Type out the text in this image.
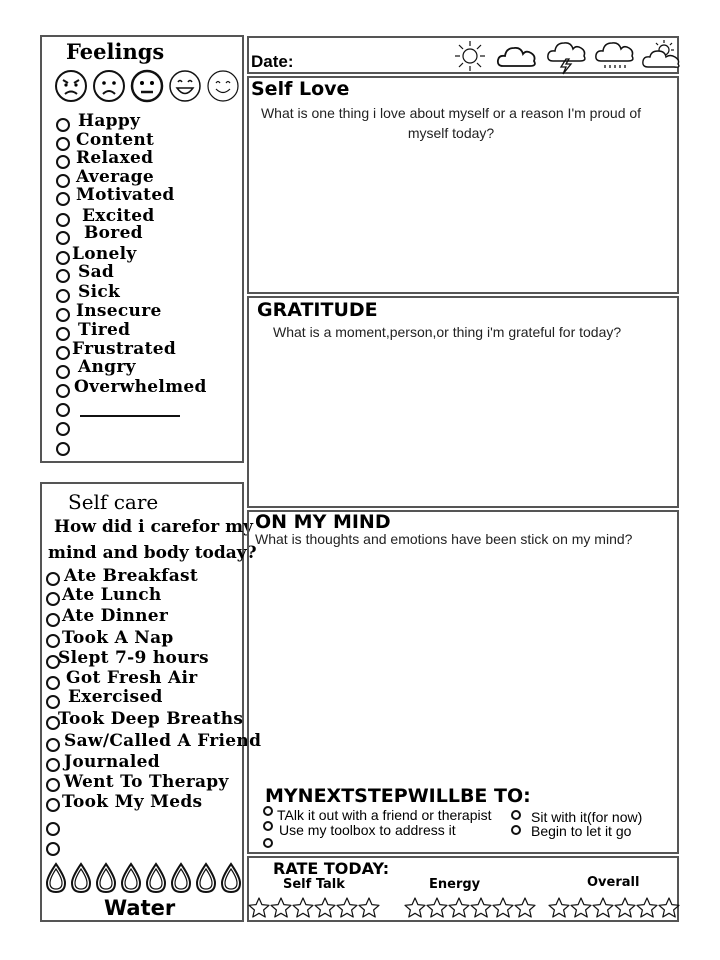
Feelings
Happy
Content
Relaxed
Average
Motivated
Excited
Bored
Lonely
Sad
Sick
Insecure
Tired
Frustrated
Angry
Overwhelmed
Self care
How did i carefor my
mind and body today?
Ate Breakfast
Ate Lunch
Ate Dinner
Took A Nap
Slept 7-9 hours
Got Fresh Air
Exercised
Took Deep Breaths
Saw/Called A Friend
Journaled
Went To Therapy
Took My Meds
Water
Date:
Self Love
What is one thing i love about myself or a reason I'm proud of myself today?
GRATITUDE
What is a moment,person,or thing i'm grateful for today?
ON MY MIND
What is thoughts and emotions have been stick on my mind?
MYNEXTSTEPWILLBE TO:
TAlk it out with a friend or therapist
Use my toolbox to address it
Sit with it(for now)
Begin to let it go
RATE TODAY:
Self Talk	Energy	Overall
